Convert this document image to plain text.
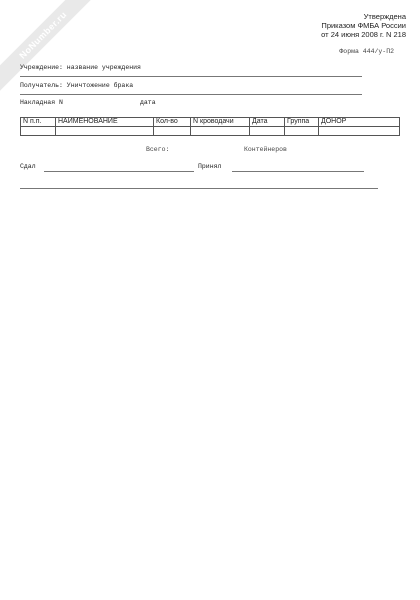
NoNumber.ru	Утверждена
Приказом ФМБА России
от 24 июня 2008 г. N 218
Форма 444/у-П2
Учреждение: название учреждения
Получатель: Уничтожение брака
Накладная N	дата
N п.п.	НАИМЕНОВАНИЕ	Кол-во	N кроводачи	Дата	Группа	ДОНОР

Всего:	Контейнеров
Сдал	Принял
